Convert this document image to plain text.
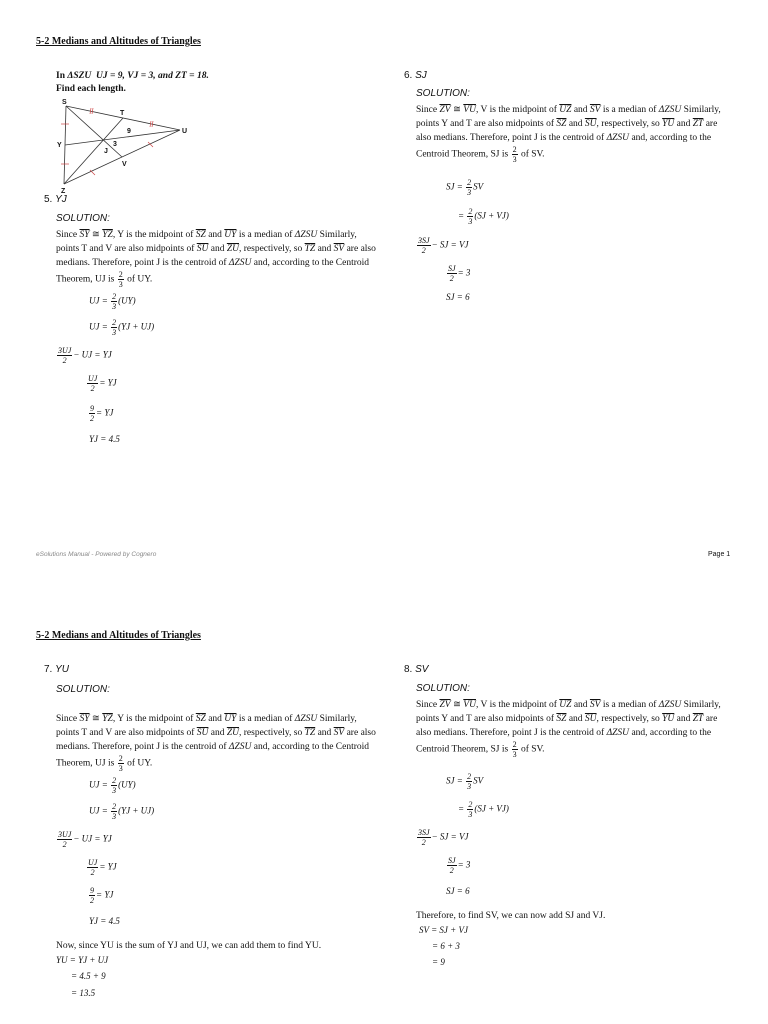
5-2 Medians and Altitudes of Triangles
In ΔSZU UJ = 9, VJ = 3, and ZT = 18.
Find each length.
S
T
U
Y
J
V
Z
9
3
5. YJ
SOLUTION:
Since $\overline{SY}$ ≅ $\overline{YZ}$, Y is the midpoint of $\overline{SZ}$ and $\overline{UY}$ is a median of ΔZSU Similarly, points T and V are also midpoints of $\overline{SU}$ and $\overline{ZU}$, respectively, so $\overline{TZ}$ and $\overline{SV}$ are also medians. Therefore, point J is the centroid of ΔZSU and, according to the Centroid Theorem, UJ is $\frac{2}{3}$ of UY.
UJ = $\frac{2}{3} (UY)$
UJ = $\frac{2}{3} (YJ + UJ)$
$\frac{3UJ}{2}$ − UJ = YJ
$\frac{UJ}{2}$ = YJ
$\frac{9}{2}$ = YJ
YJ = 4.5
6. SJ
SOLUTION:
Since $\overline{ZV}$ ≅ $\overline{VU}$, V is the midpoint of $\overline{UZ}$ and $\overline{SV}$ is a median of ΔZSU Similarly, points Y and T are also midpoints of $\overline{SZ}$ and $\overline{SU}$, respectively, so $\overline{YU}$ and $\overline{ZT}$ are also medians. Therefore, point J is the centroid of ΔZSU and, according to the Centroid Theorem, SJ is $\frac{2}{3}$ of SV.
SJ = $\frac{2}{3}$ SV
= $\frac{2}{3} (SJ + VJ)$
$\frac{3SJ}{2}$ − SJ = VJ
$\frac{SJ}{2} = 3$
SJ = 6
eSolutions Manual - Powered by Cognero	Page 1
5-2 Medians and Altitudes of Triangles
7. YU
SOLUTION:
Since $\overline{SY}$ ≅ $\overline{YZ}$, Y is the midpoint of $\overline{SZ}$ and $\overline{UY}$ is a median of ΔZSU Similarly, points T and V are also midpoints of $\overline{SU}$ and $\overline{ZU}$, respectively, so $\overline{TZ}$ and $\overline{SV}$ are also medians. Therefore, point J is the centroid of ΔZSU and, according to the Centroid Theorem, UJ is $\frac{2}{3}$ of UY.
UJ = $\frac{2}{3} (UY)$
UJ = $\frac{2}{3} (YJ + UJ)$
$\frac{3UJ}{2}$ − UJ = YJ
$\frac{UJ}{2}$ = YJ
$\frac{9}{2}$ = YJ
YJ = 4.5
Now, since YU is the sum of YJ and UJ, we can add them to find YU.
YU = YJ + UJ
= 4.5 + 9
= 13.5
8. SV
SOLUTION:
Since $\overline{ZV}$ ≅ $\overline{VU}$, V is the midpoint of $\overline{UZ}$ and $\overline{SV}$ is a median of ΔZSU Similarly, points Y and T are also midpoints of $\overline{SZ}$ and $\overline{SU}$, respectively, so $\overline{YU}$ and $\overline{ZT}$ are also medians. Therefore, point J is the centroid of ΔZSU and, according to the Centroid Theorem, SJ is $\frac{2}{3}$ of SV.
SJ = $\frac{2}{3}$ SV
= $\frac{2}{3} (SJ + VJ)$
$\frac{3SJ}{2}$ − SJ = VJ
$\frac{SJ}{2} = 3$
SJ = 6
Therefore, to find SV, we can now add SJ and VJ.
SV = SJ + VJ
= 6 + 3
= 9
